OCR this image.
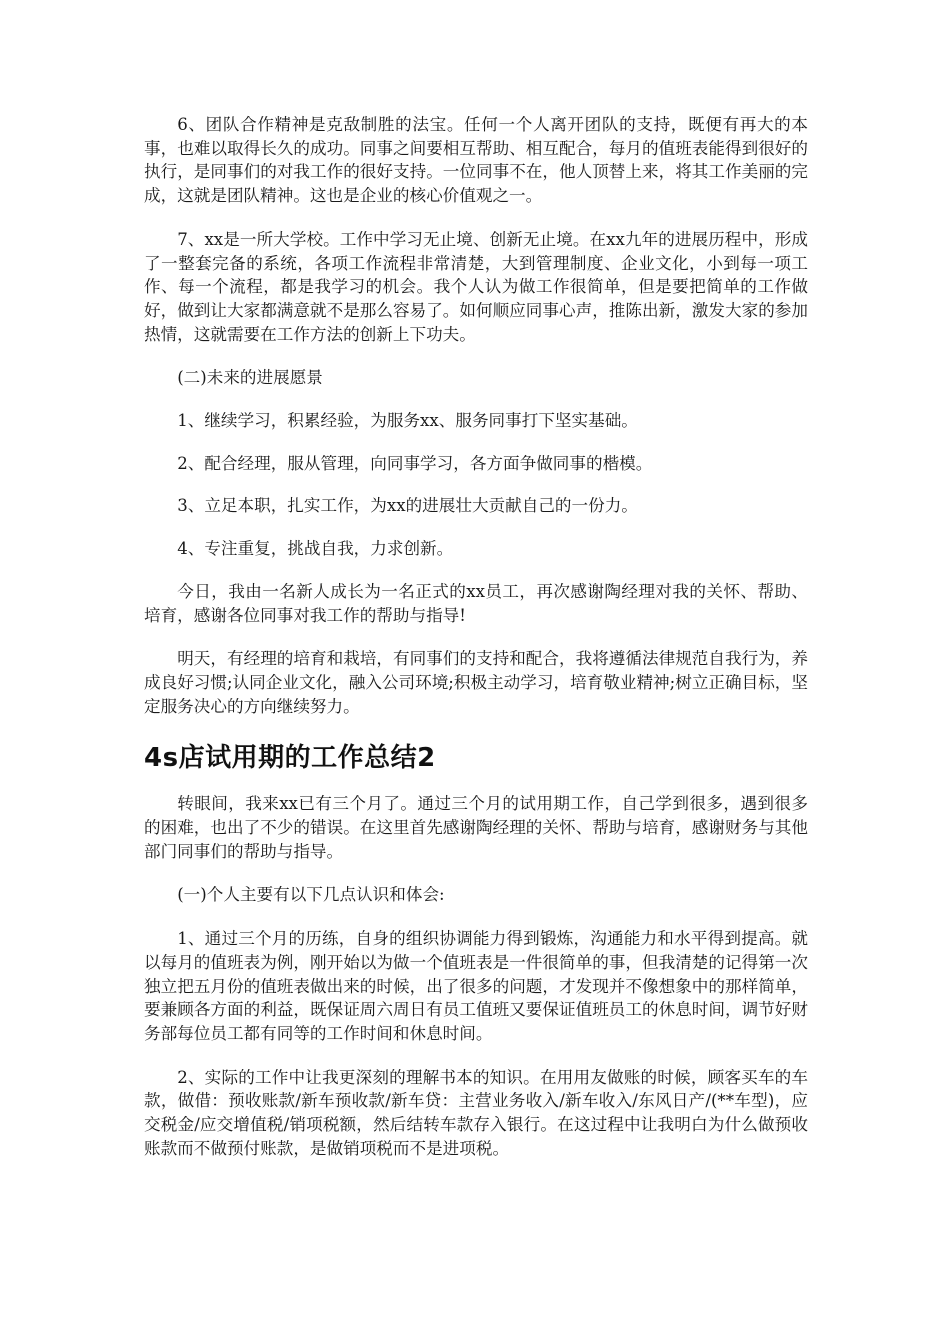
6、团队合作精神是克敌制胜的法宝。任何一个人离开团队的支持，既便有再大的本事，也难以取得长久的成功。同事之间要相互帮助、相互配合，每月的值班表能得到很好的执行，是同事们的对我工作的很好支持。一位同事不在，他人顶替上来，将其工作美丽的完成，这就是团队精神。这也是企业的核心价值观之一。

7、xx是一所大学校。工作中学习无止境、创新无止境。在xx九年的进展历程中，形成了一整套完备的系统，各项工作流程非常清楚，大到管理制度、企业文化，小到每一项工作、每一个流程，都是我学习的机会。我个人认为做工作很简单，但是要把简单的工作做好，做到让大家都满意就不是那么容易了。如何顺应同事心声，推陈出新，激发大家的参加热情，这就需要在工作方法的创新上下功夫。

(二)未来的进展愿景

1、继续学习，积累经验，为服务xx、服务同事打下坚实基础。

2、配合经理，服从管理，向同事学习，各方面争做同事的楷模。

3、立足本职，扎实工作，为xx的进展壮大贡献自己的一份力。

4、专注重复，挑战自我，力求创新。

今日，我由一名新人成长为一名正式的xx员工，再次感谢陶经理对我的关怀、帮助、培育，感谢各位同事对我工作的帮助与指导!

明天，有经理的培育和栽培，有同事们的支持和配合，我将遵循法律规范自我行为，养成良好习惯;认同企业文化，融入公司环境;积极主动学习，培育敬业精神;树立正确目标，坚定服务决心的方向继续努力。

4s店试用期的工作总结2

转眼间，我来xx已有三个月了。通过三个月的试用期工作，自己学到很多，遇到很多的困难，也出了不少的错误。在这里首先感谢陶经理的关怀、帮助与培育，感谢财务与其他部门同事们的帮助与指导。

(一)个人主要有以下几点认识和体会:

1、通过三个月的历练，自身的组织协调能力得到锻炼，沟通能力和水平得到提高。就以每月的值班表为例，刚开始以为做一个值班表是一件很简单的事，但我清楚的记得第一次独立把五月份的值班表做出来的时候，出了很多的问题，才发现并不像想象中的那样简单，要兼顾各方面的利益，既保证周六周日有员工值班又要保证值班员工的休息时间，调节好财务部每位员工都有同等的工作时间和休息时间。

2、实际的工作中让我更深刻的理解书本的知识。在用用友做账的时候，顾客买车的车款，做借：预收账款/新车预收款/新车贷：主营业务收入/新车收入/东风日产/(**车型)，应交税金/应交增值税/销项税额，然后结转车款存入银行。在这过程中让我明白为什么做预收账款而不做预付账款，是做销项税而不是进项税。
